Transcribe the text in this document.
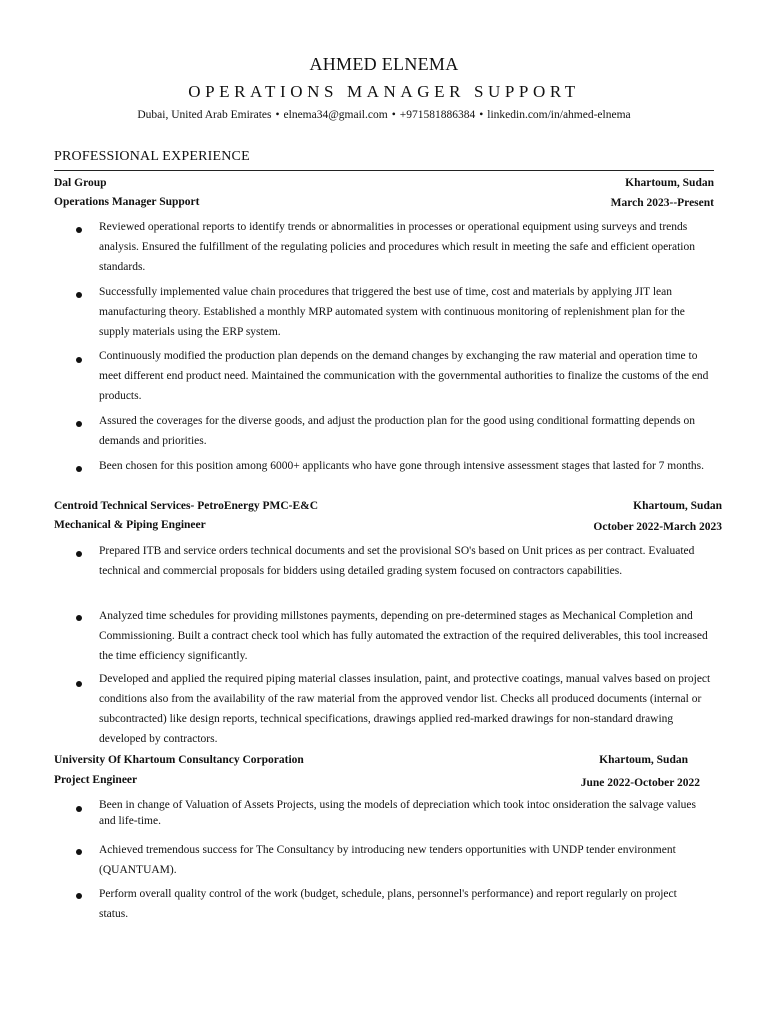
AHMED ELNEMA
OPERATIONS MANAGER SUPPORT
Dubai, United Arab Emirates • elnema34@gmail.com • +971581886384 • linkedin.com/in/ahmed-elnema
PROFESSIONAL EXPERIENCE
Dal Group	Khartoum, Sudan
Operations Manager Support	March 2023--Present
Reviewed operational reports to identify trends or abnormalities in processes or operational equipment using surveys and trends analysis. Ensured the fulfillment of the regulating policies and procedures which result in meeting the safe and efficient operation standards.
Successfully implemented value chain procedures that triggered the best use of time, cost and materials by applying JIT lean manufacturing theory. Established a monthly MRP automated system with continuous monitoring of replenishment plan for the supply materials using the ERP system.
Continuously modified the production plan depends on the demand changes by exchanging the raw material and operation time to meet different end product need. Maintained the communication with the governmental authorities to finalize the customs of the end products.
Assured the coverages for the diverse goods, and adjust the production plan for the good using conditional formatting depends on demands and priorities.
Been chosen for this position among 6000+ applicants who have gone through intensive assessment stages that lasted for 7 months.
Centroid Technical Services- PetroEnergy PMC-E&C	Khartoum, Sudan
Mechanical & Piping Engineer	October 2022-March 2023
Prepared ITB and service orders technical documents and set the provisional SO's based on Unit prices as per contract. Evaluated technical and commercial proposals for bidders using detailed grading system focused on contractors capabilities.
Analyzed time schedules for providing millstones payments, depending on pre-determined stages as Mechanical Completion and Commissioning. Built a contract check tool which has fully automated the extraction of the required deliverables, this tool increased the time efficiency significantly.
Developed and applied the required piping material classes insulation, paint, and protective coatings, manual valves based on project conditions also from the availability of the raw material from the approved vendor list. Checks all produced documents (internal or subcontracted) like design reports, technical specifications, drawings applied red-marked drawings for non-standard drawing developed by contractors.
University Of Khartoum Consultancy Corporation	Khartoum, Sudan
Project Engineer	June 2022-October 2022
Been in change of Valuation of Assets Projects, using the models of depreciation which took intoc onsideration the salvage values and life-time.
Achieved tremendous success for The Consultancy by introducing new tenders opportunities with UNDP tender environment (QUANTUAM).
Perform overall quality control of the work (budget, schedule, plans, personnel's performance) and report regularly on project status.
